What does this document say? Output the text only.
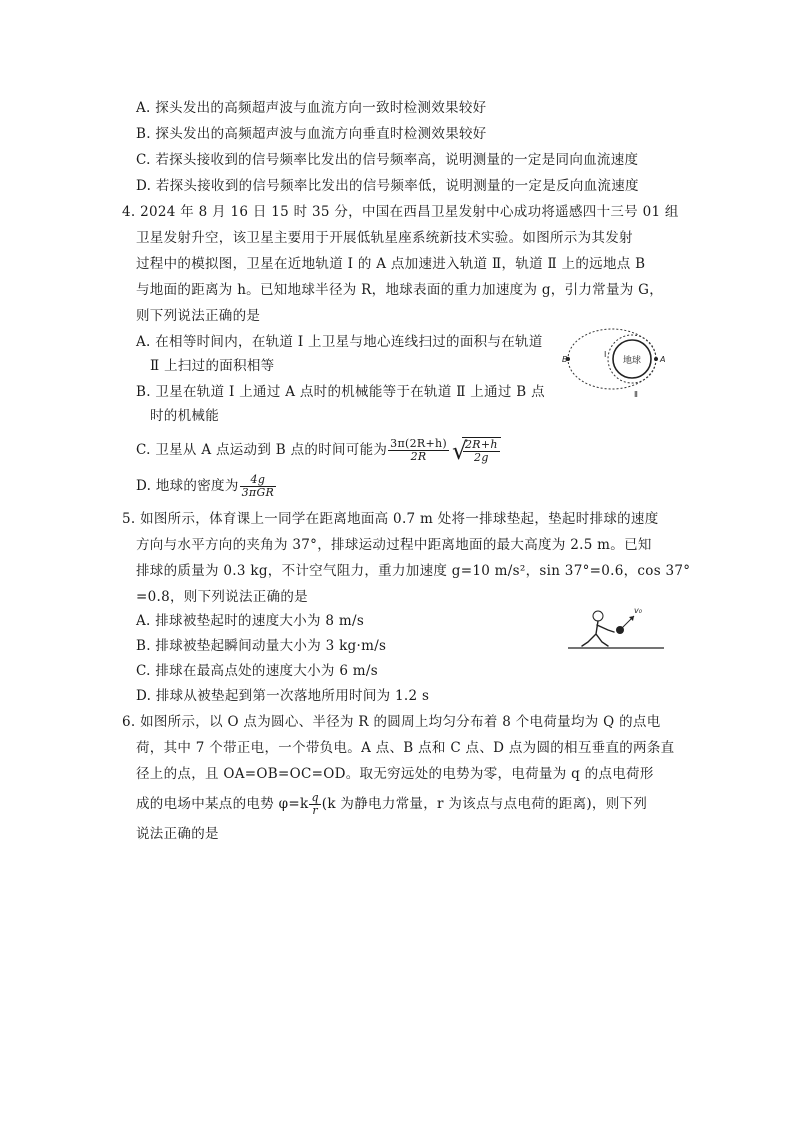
A. 探头发出的高频超声波与血流方向一致时检测效果较好
B. 探头发出的高频超声波与血流方向垂直时检测效果较好
C. 若探头接收到的信号频率比发出的信号频率高，说明测量的一定是同向血流速度
D. 若探头接收到的信号频率比发出的信号频率低，说明测量的一定是反向血流速度
4. 2024 年 8 月 16 日 15 时 35 分，中国在西昌卫星发射中心成功将遥感四十三号 01 组
卫星发射升空，该卫星主要用于开展低轨星座系统新技术实验。如图所示为其发射
过程中的模拟图，卫星在近地轨道 Ⅰ 的 A 点加速进入轨道 Ⅱ，轨道 Ⅱ 上的远地点 B
与地面的距离为 h。已知地球半径为 R，地球表面的重力加速度为 g，引力常量为 G，
则下列说法正确的是
A. 在相等时间内，在轨道 Ⅰ 上卫星与地心连线扫过的面积与在轨道
Ⅱ 上扫过的面积相等
B. 卫星在轨道 Ⅰ 上通过 A 点时的机械能等于在轨道 Ⅱ 上通过 B 点
时的机械能
C. 卫星从 A 点运动到 B 点的时间可能为 $\frac{3\pi(2R+h)}{2R}$ √
$\frac{2R+h}{2g}$
D. 地球的密度为 $\frac{4g}{\text{3πGR}}$
地球
B	A
Ⅰ
Ⅱ
5. 如图所示，体育课上一同学在距离地面高 0.7 m 处将一排球垫起，垫起时排球的速度
方向与水平方向的夹角为 37°，排球运动过程中距离地面的最大高度为 2.5 m。已知
排球的质量为 0.3 kg，不计空气阻力，重力加速度 g=10 m/s²，sin 37°=0.6，cos 37°
=0.8，则下列说法正确的是
A. 排球被垫起时的速度大小为 8 m/s
B. 排球被垫起瞬间动量大小为 3 kg·m/s
C. 排球在最高点处的速度大小为 6 m/s
D. 排球从被垫起到第一次落地所用时间为 1.2 s
v₀
6. 如图所示，以 O 点为圆心、半径为 R 的圆周上均匀分布着 8 个电荷量均为 Q 的点电
荷，其中 7 个带正电，一个带负电。A 点、B 点和 C 点、D 点为圆的相互垂直的两条直
径上的点，且 OA=OB=OC=OD。取无穷远处的电势为零，电荷量为 q 的点电荷形
成的电场中某点的电势 $\varphi=k \frac{q}{r} (k$ 为静电力常量，r 为该点与点电荷的距离)，则下列
说法正确的是
